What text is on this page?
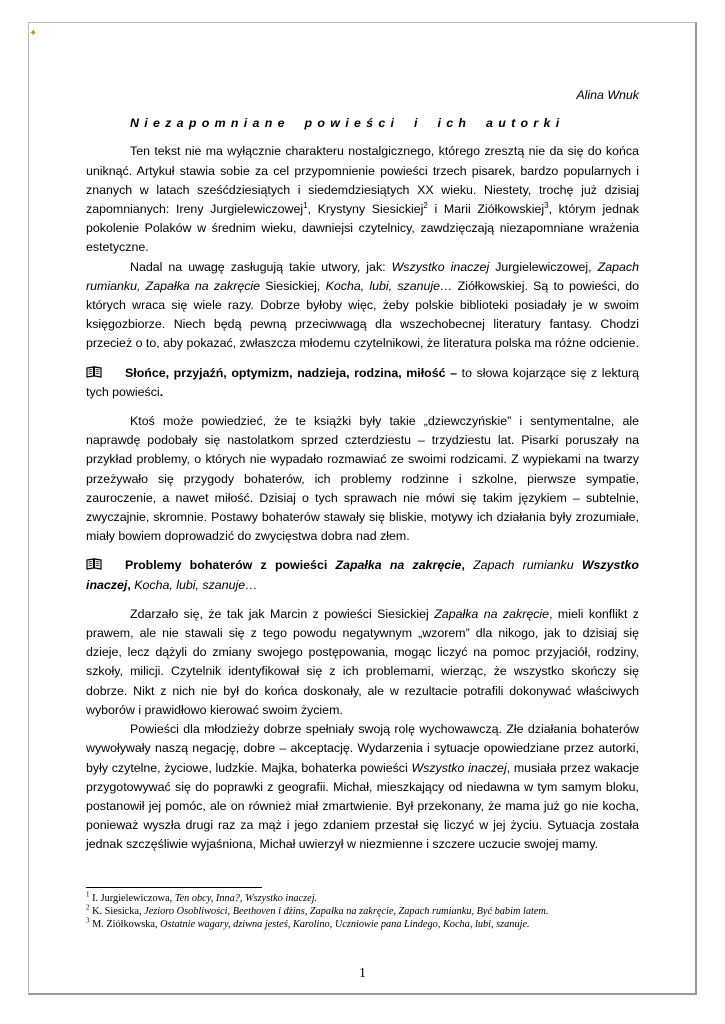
✦
Alina Wnuk
Niezapomniane powieści i ich autorki

Ten tekst nie ma wyłącznie charakteru nostalgicznego, którego zresztą nie da się do końca uniknąć. Artykuł stawia sobie za cel przypomnienie powieści trzech pisarek, bardzo popularnych i znanych w latach sześćdziesiątych i siedemdziesiątych XX wieku. Niestety, trochę już dzisiaj zapomnianych: Ireny Jurgielewiczowej$^1$, Krystyny Siesickiej$^2$ i Marii Ziółkowskiej$^3$, którym jednak pokolenie Polaków w średnim wieku, dawniejsi czytelnicy, zawdzięczają niezapomniane wrażenia estetyczne.

Nadal na uwagę zasługują takie utwory, jak: Wszystko inaczej Jurgielewiczowej, Zapach rumianku, Zapałka na zakręcie Siesickiej, Kocha, lubi, szanuje… Ziółkowskiej. Są to powieści, do których wraca się wiele razy. Dobrze byłoby więc, żeby polskie biblioteki posiadały je w swoim księgozbiorze. Niech będą pewną przeciwwagą dla wszechobecnej literatury fantasy. Chodzi przecież o to, aby pokazać, zwłaszcza młodemu czytelnikowi, że literatura polska ma różne odcienie.

Słońce, przyjaźń, optymizm, nadzieja, rodzina, miłość – to słowa kojarzące się z lekturą tych powieści.

Ktoś może powiedzieć, że te książki były takie „dziewczyńskie” i sentymentalne, ale naprawdę podobały się nastolatkom sprzed czterdziestu – trzydziestu lat. Pisarki poruszały na przykład problemy, o których nie wypadało rozmawiać ze swoimi rodzicami. Z wypiekami na twarzy przeżywało się przygody bohaterów, ich problemy rodzinne i szkolne, pierwsze sympatie, zauroczenie, a nawet miłość. Dzisiaj o tych sprawach nie mówi się takim językiem – subtelnie, zwyczajnie, skromnie. Postawy bohaterów stawały się bliskie, motywy ich działania były zrozumiałe, miały bowiem doprowadzić do zwycięstwa dobra nad złem.

Problemy bohaterów z powieści Zapałka na zakręcie, Zapach rumianku Wszystko inaczej, Kocha, lubi, szanuje…

Zdarzało się, że tak jak Marcin z powieści Siesickiej Zapałka na zakręcie, mieli konflikt z prawem, ale nie stawali się z tego powodu negatywnym „wzorem” dla nikogo, jak to dzisiaj się dzieje, lecz dążyli do zmiany swojego postępowania, mogąc liczyć na pomoc przyjaciół, rodziny, szkoły, milicji. Czytelnik identyfikował się z ich problemami, wierząc, że wszystko skończy się dobrze. Nikt z nich nie był do końca doskonały, ale w rezultacie potrafili dokonywać właściwych wyborów i prawidłowo kierować swoim życiem.

Powieści dla młodzieży dobrze spełniały swoją rolę wychowawczą. Złe działania bohaterów wywoływały naszą negację, dobre – akceptację. Wydarzenia i sytuacje opowiedziane przez autorki, były czytelne, życiowe, ludzkie. Majka, bohaterka powieści Wszystko inaczej, musiała przez wakacje przygotowywać się do poprawki z geografii. Michał, mieszkający od niedawna w tym samym bloku, postanowił jej pomóc, ale on również miał zmartwienie. Był przekonany, że mama już go nie kocha, ponieważ wyszła drugi raz za mąż i jego zdaniem przestał się liczyć w jej życiu. Sytuacja została jednak szczęśliwie wyjaśniona, Michał uwierzył w niezmienne i szczere uczucie swojej mamy.

$^1$ I. Jurgielewiczowa, Ten obcy, Inna?, Wszystko inaczej.
$^2$ K. Siesicka, Jezioro Osobliwości, Beethoven i dżins, Zapałka na zakręcie, Zapach rumianku, Być babim latem.
$^3$ M. Ziółkowska, Ostatnie wagary, dziwna jesteś, Karolino, Uczniowie pana Lindego, Kocha, lubi, szanuje.
1
